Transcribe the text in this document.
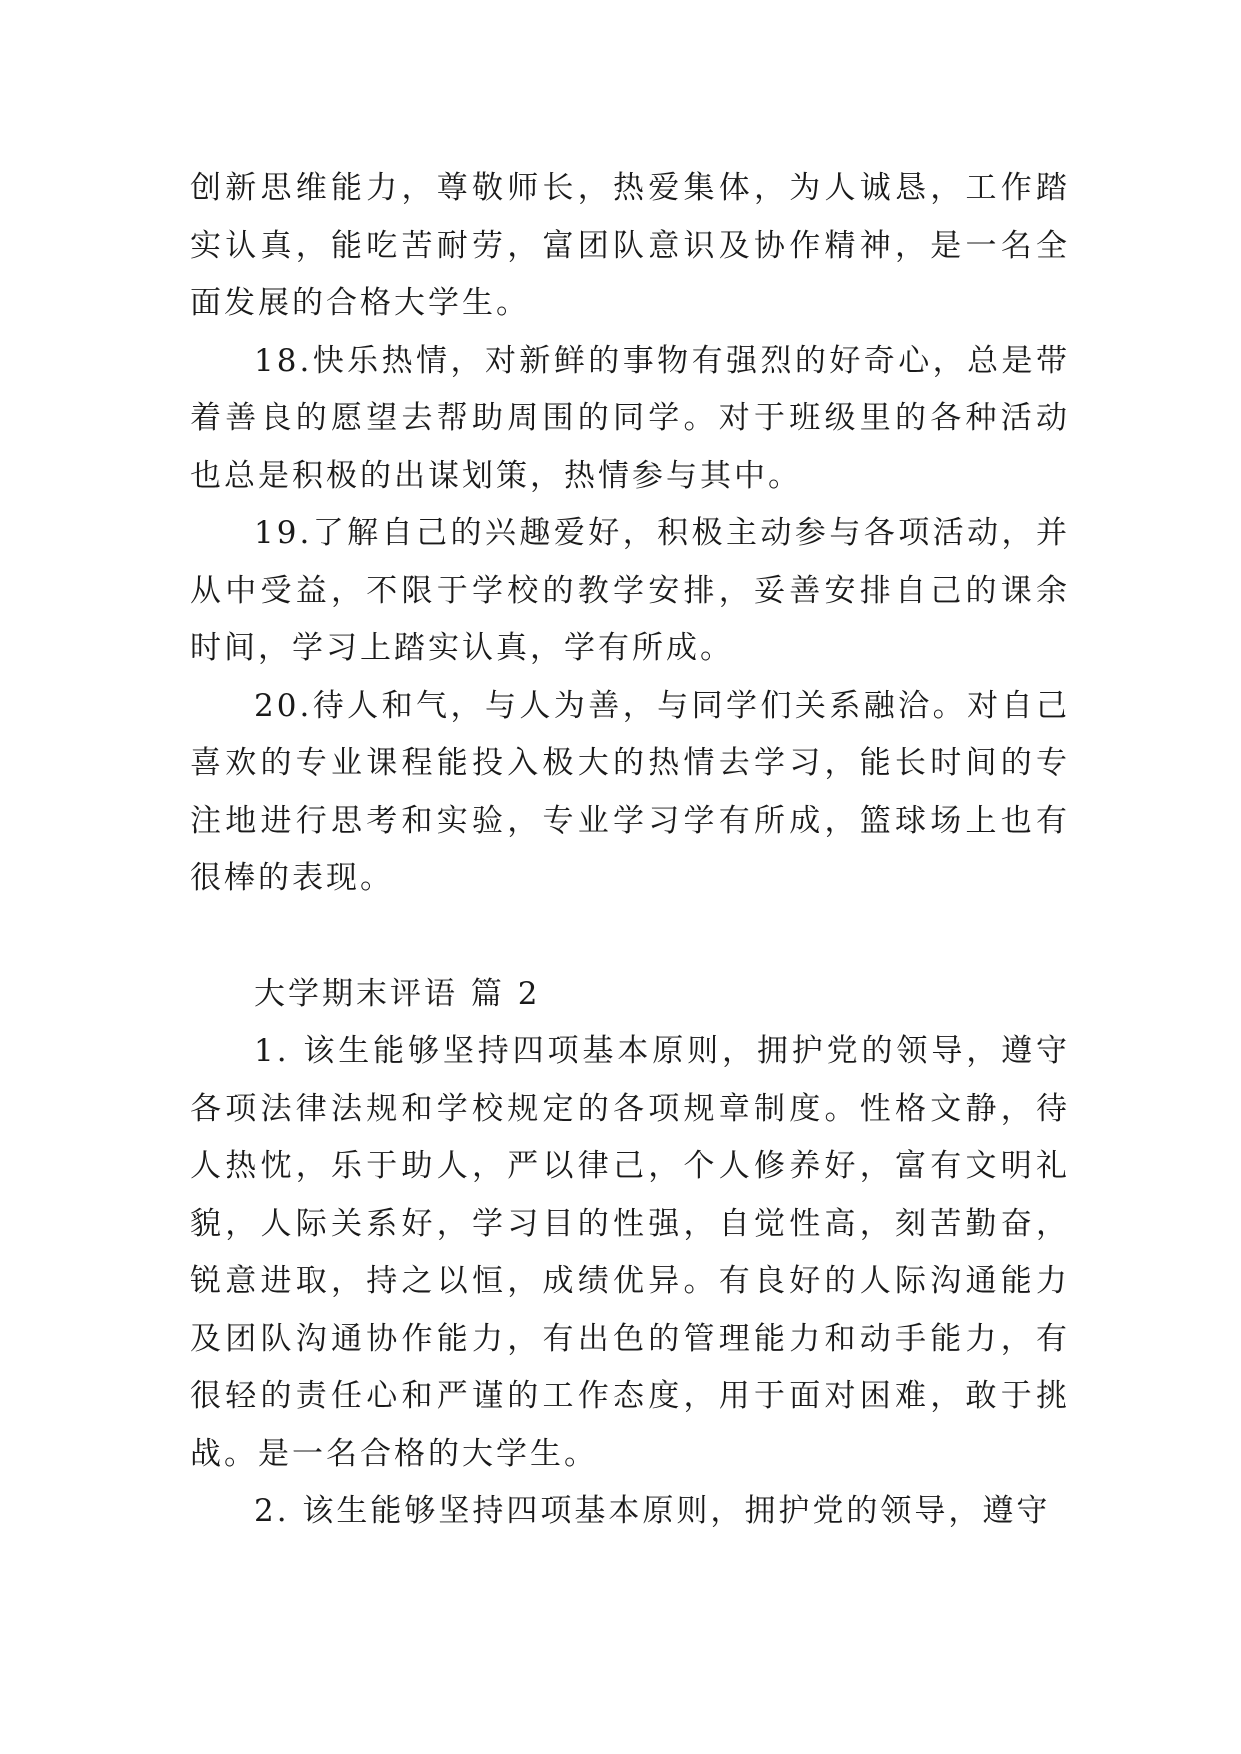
创新思维能力，尊敬师长，热爱集体，为人诚恳，工作踏实认真，能吃苦耐劳，富团队意识及协作精神，是一名全面发展的合格大学生。

18.快乐热情，对新鲜的事物有强烈的好奇心，总是带着善良的愿望去帮助周围的同学。对于班级里的各种活动也总是积极的出谋划策，热情参与其中。

19.了解自己的兴趣爱好，积极主动参与各项活动，并从中受益，不限于学校的教学安排，妥善安排自己的课余时间，学习上踏实认真，学有所成。

20.待人和气，与人为善，与同学们关系融洽。对自己喜欢的专业课程能投入极大的热情去学习，能长时间的专注地进行思考和实验，专业学习学有所成，篮球场上也有很棒的表现。

大学期末评语 篇 2

1. 该生能够坚持四项基本原则，拥护党的领导，遵守各项法律法规和学校规定的各项规章制度。性格文静，待人热忱，乐于助人，严以律己，个人修养好，富有文明礼貌，人际关系好，学习目的性强，自觉性高，刻苦勤奋，锐意进取，持之以恒，成绩优异。有良好的人际沟通能力及团队沟通协作能力，有出色的管理能力和动手能力，有很轻的责任心和严谨的工作态度，用于面对困难，敢于挑战。是一名合格的大学生。

2. 该生能够坚持四项基本原则，拥护党的领导，遵守
